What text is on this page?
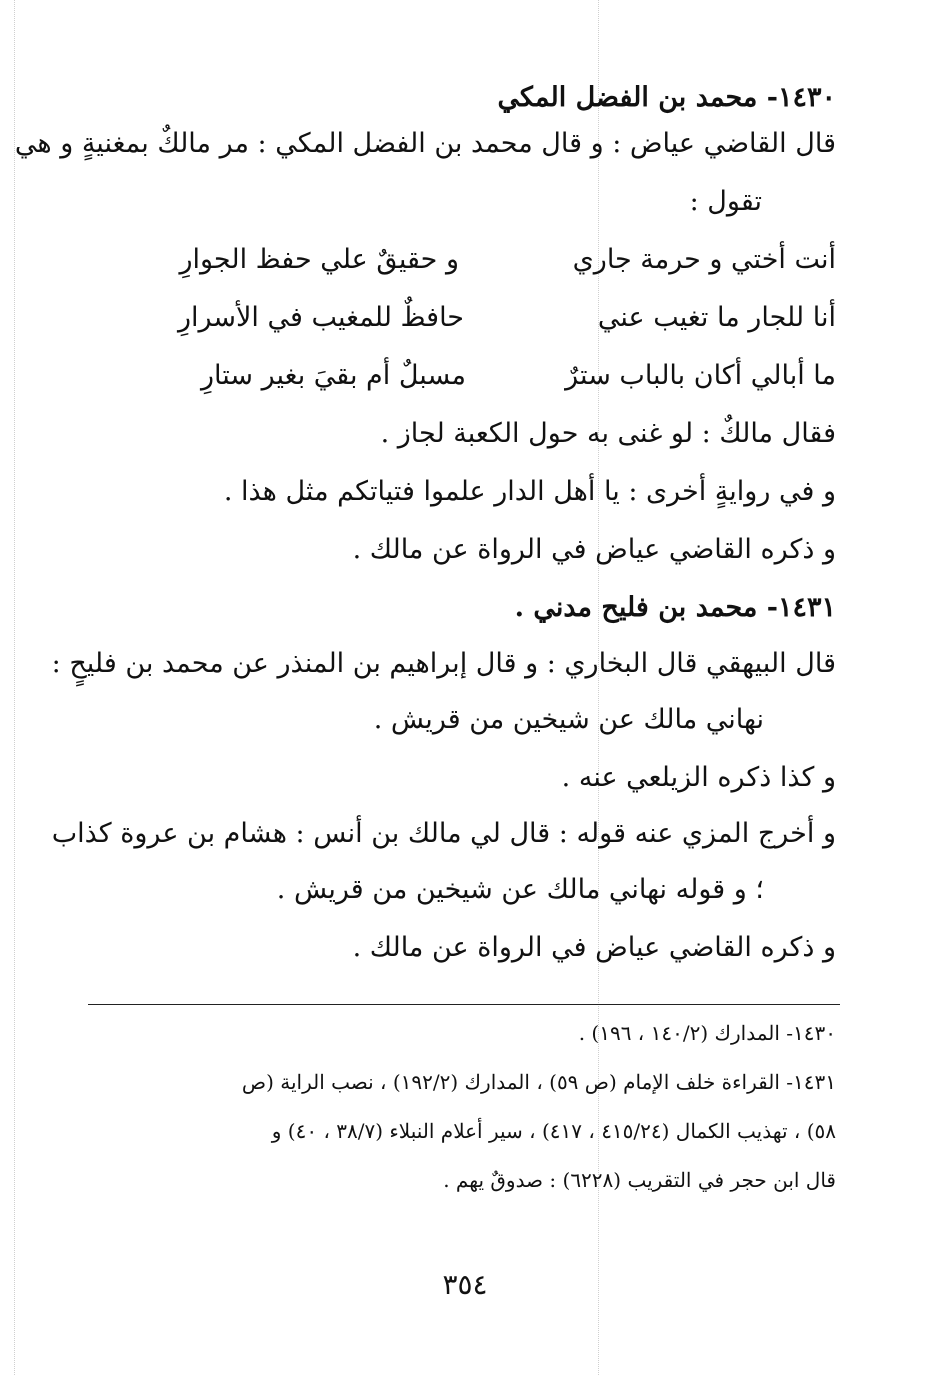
١٤٣٠- محمد بن الفضل المكي
قال القاضي عياض : و قال محمد بن الفضل المكي : مر مالكٌ بمغنيةٍ و هي
تقول :
أنت أختي و حرمة جاري
و حقيقٌ علي حفظ الجوارِ
أنا للجار ما تغيب عني
حافظٌ للمغيب في الأسرارِ
ما أبالي أكان بالباب سترٌ
مسبلٌ أم بقيَ بغير ستارِ
فقال مالكٌ : لو غنى به حول الكعبة لجاز .
و في روايةٍ أخرى : يا أهل الدار علموا فتياتكم مثل هذا .
و ذكره القاضي عياض في الرواة عن مالك .
١٤٣١- محمد بن فليح مدني .
قال البيهقي قال البخاري : و قال إبراهيم بن المنذر عن محمد بن فليحٍ :
نهاني مالك عن شيخين من قريش .
و كذا ذكره الزيلعي عنه .
و أخرج المزي عنه قوله : قال لي مالك بن أنس : هشام بن عروة كذاب
؛ و قوله نهاني مالك عن شيخين من قريش .
و ذكره القاضي عياض في الرواة عن مالك .
١٤٣٠- المدارك (١٤٠/٢ ، ١٩٦) .
١٤٣١- القراءة خلف الإمام (ص ٥٩) ، المدارك (١٩٢/٢) ، نصب الراية (ص
٥٨) ، تهذيب الكمال (٤١٥/٢٤ ، ٤١٧) ، سير أعلام النبلاء (٣٨/٧ ، ٤٠) و
قال ابن حجر في التقريب (٦٢٢٨) : صدوقٌ يهم .
٣٥٤
